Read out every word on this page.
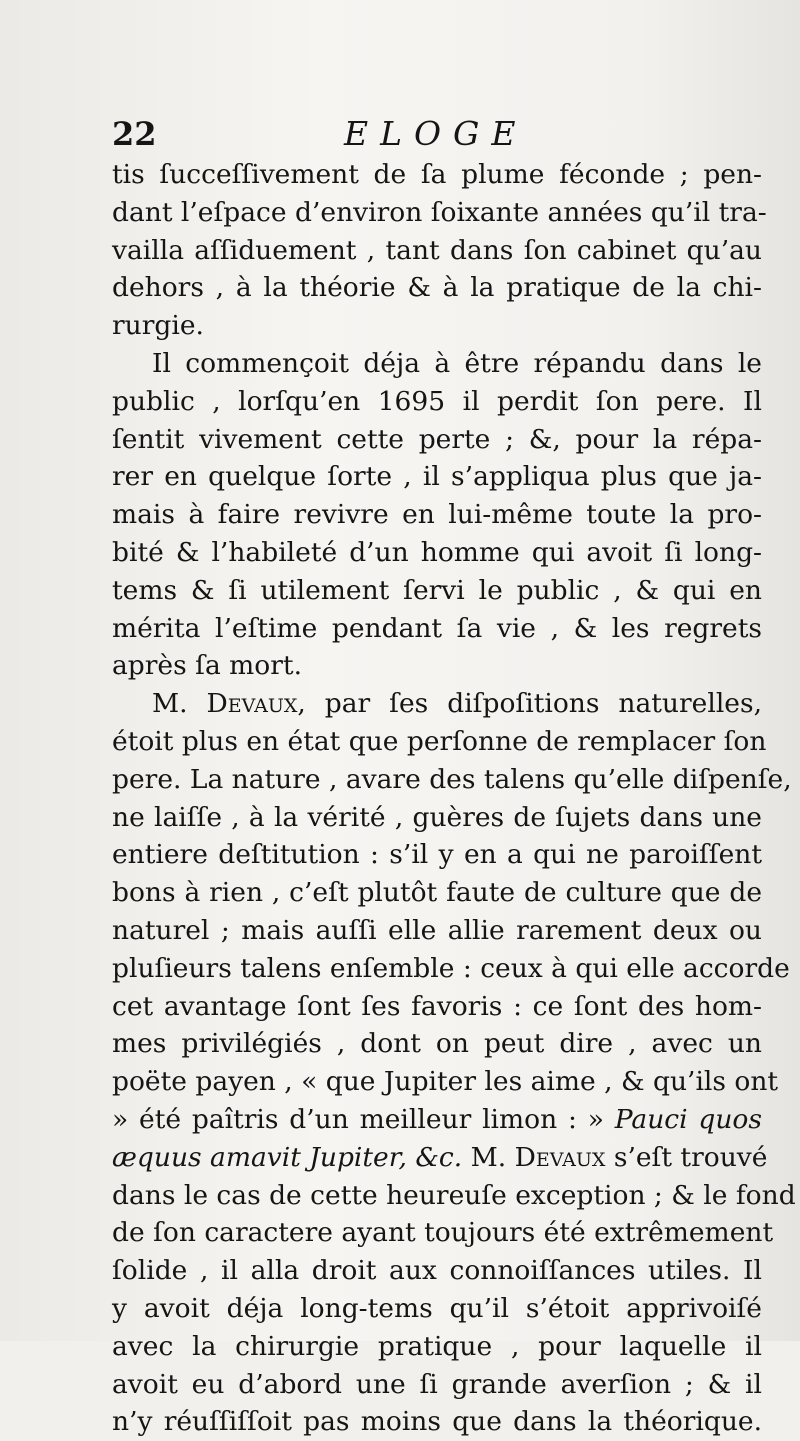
22	ELOGE
tis ſucceſſivement de ſa plume féconde ; pen-
dant l’eſpace d’environ ſoixante années qu’il tra-
vailla aſſiduement , tant dans ſon cabinet qu’au
dehors , à la théorie & à la pratique de la chi-
rurgie.
Il commençoit déja à être répandu dans le
public , lorſqu’en 1695 il perdit ſon pere. Il
ſentit vivement cette perte ; &, pour la répa-
rer en quelque ſorte , il s’appliqua plus que ja-
mais à faire revivre en lui-même toute la pro-
bité & l’habileté d’un homme qui avoit ſi long-
tems & ſi utilement ſervi le public , & qui en
mérita l’eſtime pendant ſa vie , & les regrets
après ſa mort.
M. Devaux, par ſes diſpoſitions naturelles,
étoit plus en état que perſonne de remplacer ſon
pere. La nature , avare des talens qu’elle diſpenſe,
ne laiſſe , à la vérité , guères de ſujets dans une
entiere deſtitution : s’il y en a qui ne paroiſſent
bons à rien , c’eſt plutôt faute de culture que de
naturel ; mais auſſi elle allie rarement deux ou
pluſieurs talens enſemble : ceux à qui elle accorde
cet avantage ſont ſes favoris : ce ſont des hom-
mes privilégiés , dont on peut dire , avec un
poëte payen , « que Jupiter les aime , & qu’ils ont
» été paîtris d’un meilleur limon : » Pauci quos
æquus amavit Jupiter, &c. M. Devaux s’eſt trouvé
dans le cas de cette heureuſe exception ; & le fond
de ſon caractere ayant toujours été extrêmement
ſolide , il alla droit aux connoiſſances utiles. Il
y avoit déja long-tems qu’il s’étoit apprivoiſé
avec la chirurgie pratique , pour laquelle il
avoit eu d’abord une ſi grande averſion ; & il
n’y réuſſiſſoit pas moins que dans la théorique.
